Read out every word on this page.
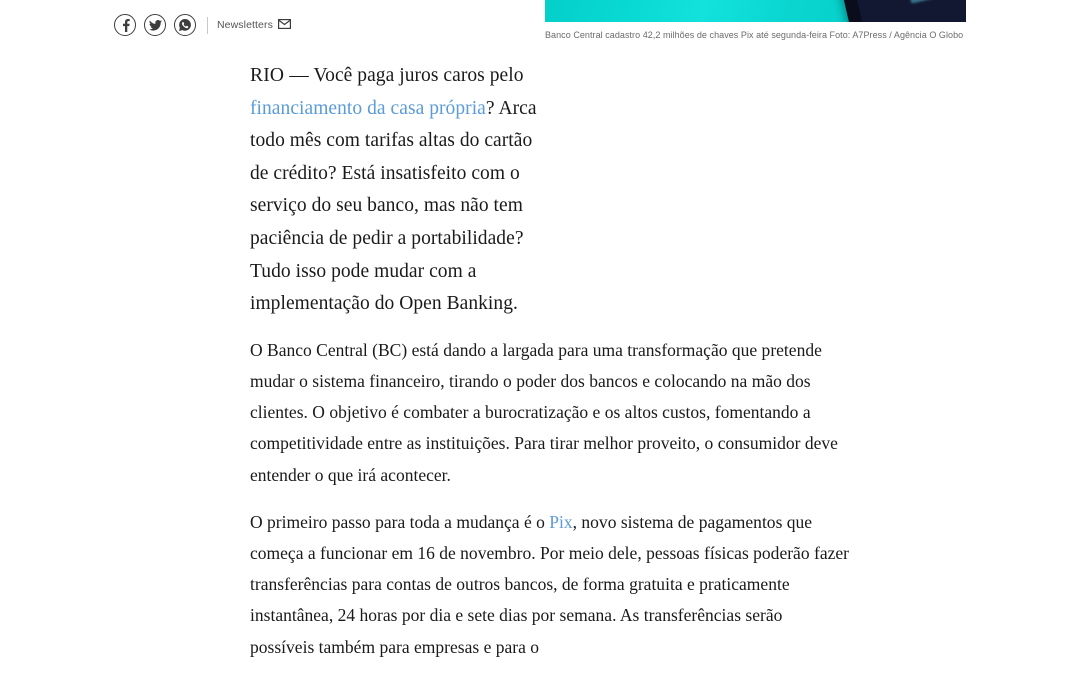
Newsletters
Banco Central cadastro 42,2 milhões de chaves Pix até segunda-feira Foto: A7Press / Agência O Globo

RIO — Você paga juros caros pelo financiamento da casa própria? Arca todo mês com tarifas altas do cartão de crédito? Está insatisfeito com o serviço do seu banco, mas não tem paciência de pedir a portabilidade? Tudo isso pode mudar com a implementação do Open Banking.

O Banco Central (BC) está dando a largada para uma transformação que pretende mudar o sistema financeiro, tirando o poder dos bancos e colocando na mão dos clientes. O objetivo é combater a burocratização e os altos custos, fomentando a competitividade entre as instituições. Para tirar melhor proveito, o consumidor deve entender o que irá acontecer.

O primeiro passo para toda a mudança é o Pix, novo sistema de pagamentos que começa a funcionar em 16 de novembro. Por meio dele, pessoas físicas poderão fazer transferências para contas de outros bancos, de forma gratuita e praticamente instantânea, 24 horas por dia e sete dias por semana. As transferências serão possíveis também para empresas e para o
